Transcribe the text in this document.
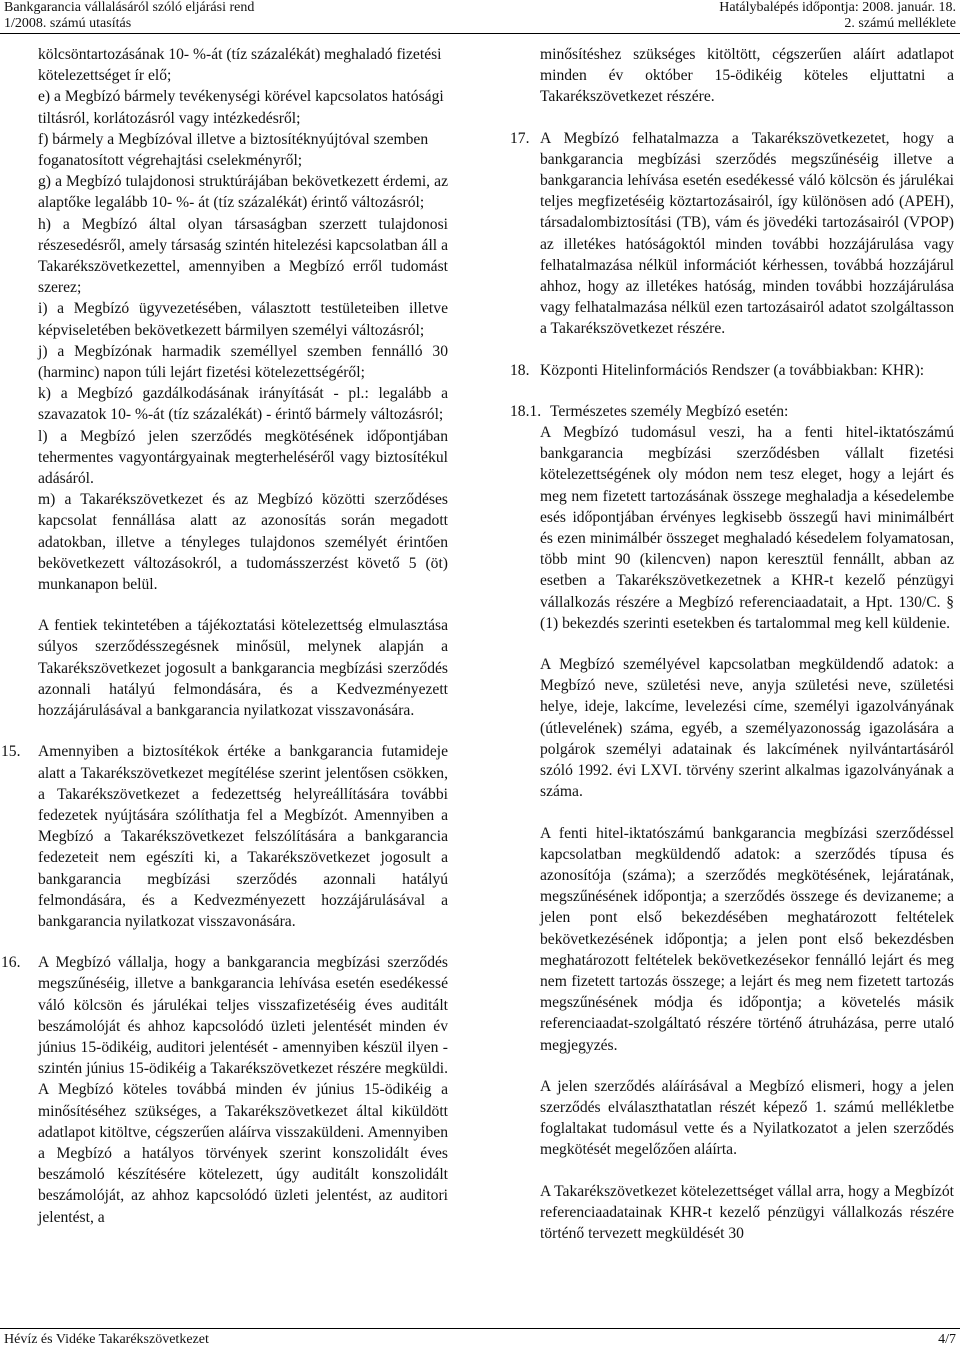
Bankgarancia vállalásáról szóló eljárási rend
1/2008. számú utasítás
Hatálybalépés időpontja: 2008. január. 18.
2. számú melléklete

kölcsöntartozásának 10- %-át (tíz százalékát) meghaladó fizetési kötelezettséget ír elő;

e) a Megbízó bármely tevékenységi körével kapcsolatos hatósági tiltásról, korlátozásról vagy intézkedésről;

f) bármely a Megbízóval illetve a biztosítéknyújtóval szemben foganatosított végrehajtási cselekményről;

g) a Megbízó tulajdonosi struktúrájában bekövetkezett érdemi, az alaptőke legalább 10- %- át (tíz százalékát) érintő változásról;

h) a Megbízó által olyan társaságban szerzett tulajdonosi részesedésről, amely társaság szintén hitelezési kapcsolatban áll a Takarékszövetkezettel, amennyiben a Megbízó erről tudomást szerez;

i) a Megbízó ügyvezetésében, választott testületeiben illetve képviseletében bekövetkezett bármilyen személyi változásról;

j) a Megbízónak harmadik személlyel szemben fennálló 30 (harminc) napon túli lejárt fizetési kötelezettségéről;

k) a Megbízó gazdálkodásának irányítását - pl.: legalább a szavazatok 10- %-át (tíz százalékát) - érintő bármely változásról;

l) a Megbízó jelen szerződés megkötésének időpontjában tehermentes vagyontárgyainak megterheléséről vagy biztosítékul adásáról.

m) a Takarékszövetkezet és az Megbízó közötti szerződéses kapcsolat fennállása alatt az azonosítás során megadott adatokban, illetve a tényleges tulajdonos személyét érintően bekövetkezett változásokról, a tudomásszerzést követő 5 (öt) munkanapon belül.

A fentiek tekintetében a tájékoztatási kötelezettség elmulasztása súlyos szerződésszegésnek minősül, melynek alapján a Takarékszövetkezet jogosult a bankgarancia megbízási szerződés azonnali hatályú felmondására, és a Kedvezményezett hozzájárulásával a bankgarancia nyilatkozat visszavonására.

15.	Amennyiben a biztosítékok értéke a bankgarancia futamideje alatt a Takarékszövetkezet megítélése szerint jelentősen csökken, a Takarékszövetkezet a fedezettség helyreállítására további fedezetek nyújtására szólíthatja fel a Megbízót. Amennyiben a Megbízó a Takarékszövetkezet felszólítására a bankgarancia fedezeteit nem egészíti ki, a Takarékszövetkezet jogosult a bankgarancia megbízási szerződés azonnali hatályú felmondására, és a Kedvezményezett hozzájárulásával a bankgarancia nyilatkozat visszavonására.

16.	A Megbízó vállalja, hogy a bankgarancia megbízási szerződés megszűnéséig, illetve a bankgarancia lehívása esetén esedékessé váló kölcsön és járulékai teljes visszafizetéséig éves auditált beszámolóját és ahhoz kapcsolódó üzleti jelentését minden év június 15-ödikéig, auditori jelentését - amennyiben készül ilyen - szintén június 15-ödikéig a Takarékszövetkezet részére megküldi. A Megbízó köteles továbbá minden év június 15-ödikéig a minősítéséhez szükséges, a Takarékszövetkezet által kiküldött adatlapot kitöltve, cégszerűen aláírva visszaküldeni. Amennyiben a Megbízó a hatályos törvények szerint konszolidált éves beszámoló készítésére kötelezett, úgy auditált konszolidált beszámolóját, az ahhoz kapcsolódó üzleti jelentést, az auditori jelentést, a

minősítéshez szükséges kitöltött, cégszerűen aláírt adatlapot minden év október 15-ödikéig köteles eljuttatni a Takarékszövetkezet részére.

17. A Megbízó felhatalmazza a Takarékszövetkezetet, hogy a bankgarancia megbízási szerződés megszűnéséig illetve a bankgarancia lehívása esetén esedékessé váló kölcsön és járulékai teljes megfizetéséig köztartozásairól, így különösen adó (APEH), társadalombiztosítási (TB), vám és jövedéki tartozásairól (VPOP) az illetékes hatóságoktól minden további hozzájárulása vagy felhatalmazása nélkül információt kérhessen, továbbá hozzájárul ahhoz, hogy az illetékes hatóság, minden további hozzájárulása vagy felhatalmazása nélkül ezen tartozásairól adatot szolgáltasson a Takarékszövetkezet részére.

18. Központi Hitelinformációs Rendszer (a továbbiakban: KHR):

18.1. Természetes személy Megbízó esetén:

A Megbízó tudomásul veszi, ha a fenti hitel-iktatószámú bankgarancia megbízási szerződésben vállalt fizetési kötelezettségének oly módon nem tesz eleget, hogy a lejárt és meg nem fizetett tartozásának összege meghaladja a késedelembe esés időpontjában érvényes legkisebb összegű havi minimálbért és ezen minimálbér összeget meghaladó késedelem folyamatosan, több mint 90 (kilencven) napon keresztül fennállt, abban az esetben a Takarékszövetkezetnek a KHR-t kezelő pénzügyi vállalkozás részére a Megbízó referenciaadatait, a Hpt. 130/C. § (1) bekezdés szerinti esetekben és tartalommal meg kell küldenie.

A Megbízó személyével kapcsolatban megküldendő adatok: a Megbízó neve, születési neve, anyja születési neve, születési helye, ideje, lakcíme, levelezési címe, személyi igazolványának (útlevelének) száma, egyéb, a személyazonosság igazolására a polgárok személyi adatainak és lakcímének nyilvántartásáról szóló 1992. évi LXVI. törvény szerint alkalmas igazolványának a száma.

A fenti hitel-iktatószámú bankgarancia megbízási szerződéssel kapcsolatban megküldendő adatok: a szerződés típusa és azonosítója (száma); a szerződés megkötésének, lejáratának, megszűnésének időpontja; a szerződés összege és devizaneme; a jelen pont első bekezdésében meghatározott feltételek bekövetkezésének időpontja; a jelen pont első bekezdésben meghatározott feltételek bekövetkezésekor fennálló lejárt és meg nem fizetett tartozás összege; a lejárt és meg nem fizetett tartozás megszűnésének módja és időpontja; a követelés másik referenciaadat-szolgáltató részére történő átruházása, perre utaló megjegyzés.

A jelen szerződés aláírásával a Megbízó elismeri, hogy a jelen szerződés elválaszthatatlan részét képező 1. számú mellékletbe foglaltakat tudomásul vette és a Nyilatkozatot a jelen szerződés megkötését megelőzően aláírta.

A Takarékszövetkezet kötelezettséget vállal arra, hogy a Megbízót referenciaadatainak KHR-t kezelő pénzügyi vállalkozás részére történő tervezett megküldését 30

Hévíz és Vidéke Takarékszövetkezet	4/7
